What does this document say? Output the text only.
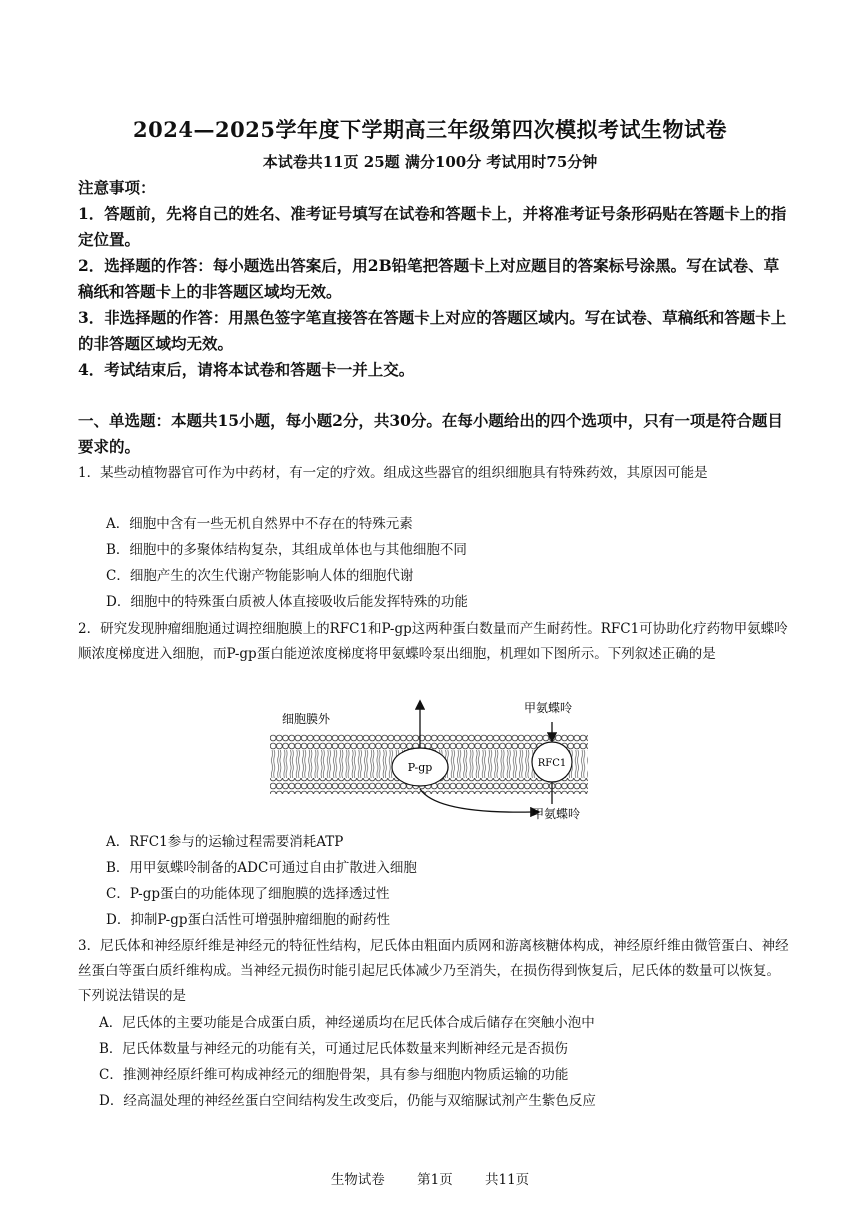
2024—2025学年度下学期高三年级第四次模拟考试生物试卷
本试卷共11页 25题 满分100分 考试用时75分钟
注意事项：
1．答题前，先将自己的姓名、准考证号填写在试卷和答题卡上，并将准考证号条形码贴在答题卡上的指定位置。
2．选择题的作答：每小题选出答案后，用2B铅笔把答题卡上对应题目的答案标号涂黑。写在试卷、草稿纸和答题卡上的非答题区域均无效。
3．非选择题的作答：用黑色签字笔直接答在答题卡上对应的答题区域内。写在试卷、草稿纸和答题卡上的非答题区域均无效。
4．考试结束后，请将本试卷和答题卡一并上交。
一、单选题：本题共15小题，每小题2分，共30分。在每小题给出的四个选项中，只有一项是符合题目要求的。
1．某些动植物器官可作为中药材，有一定的疗效。组成这些器官的组织细胞具有特殊药效，其原因可能是
A．细胞中含有一些无机自然界中不存在的特殊元素
B．细胞中的多聚体结构复杂，其组成单体也与其他细胞不同
C．细胞产生的次生代谢产物能影响人体的细胞代谢
D．细胞中的特殊蛋白质被人体直接吸收后能发挥特殊的功能
2．研究发现肿瘤细胞通过调控细胞膜上的RFC1和P-gp这两种蛋白数量而产生耐药性。RFC1可协助化疗药物甲氨蝶呤顺浓度梯度进入细胞，而P-gp蛋白能逆浓度梯度将甲氨蝶呤泵出细胞，机理如下图所示。下列叙述正确的是
细胞膜外
P-gp	RFC1
甲氨蝶呤
甲氨蝶呤
A．RFC1参与的运输过程需要消耗ATP
B．用甲氨蝶呤制备的ADC可通过自由扩散进入细胞
C．P-gp蛋白的功能体现了细胞膜的选择透过性
D．抑制P-gp蛋白活性可增强肿瘤细胞的耐药性
3．尼氏体和神经原纤维是神经元的特征性结构，尼氏体由粗面内质网和游离核糖体构成，神经原纤维由微管蛋白、神经丝蛋白等蛋白质纤维构成。当神经元损伤时能引起尼氏体减少乃至消失，在损伤得到恢复后，尼氏体的数量可以恢复。下列说法错误的是
A．尼氏体的主要功能是合成蛋白质，神经递质均在尼氏体合成后储存在突触小泡中
B．尼氏体数量与神经元的功能有关，可通过尼氏体数量来判断神经元是否损伤
C．推测神经原纤维可构成神经元的细胞骨架，具有参与细胞内物质运输的功能
D．经高温处理的神经丝蛋白空间结构发生改变后，仍能与双缩脲试剂产生紫色反应
生物试卷 第1页 共11页
